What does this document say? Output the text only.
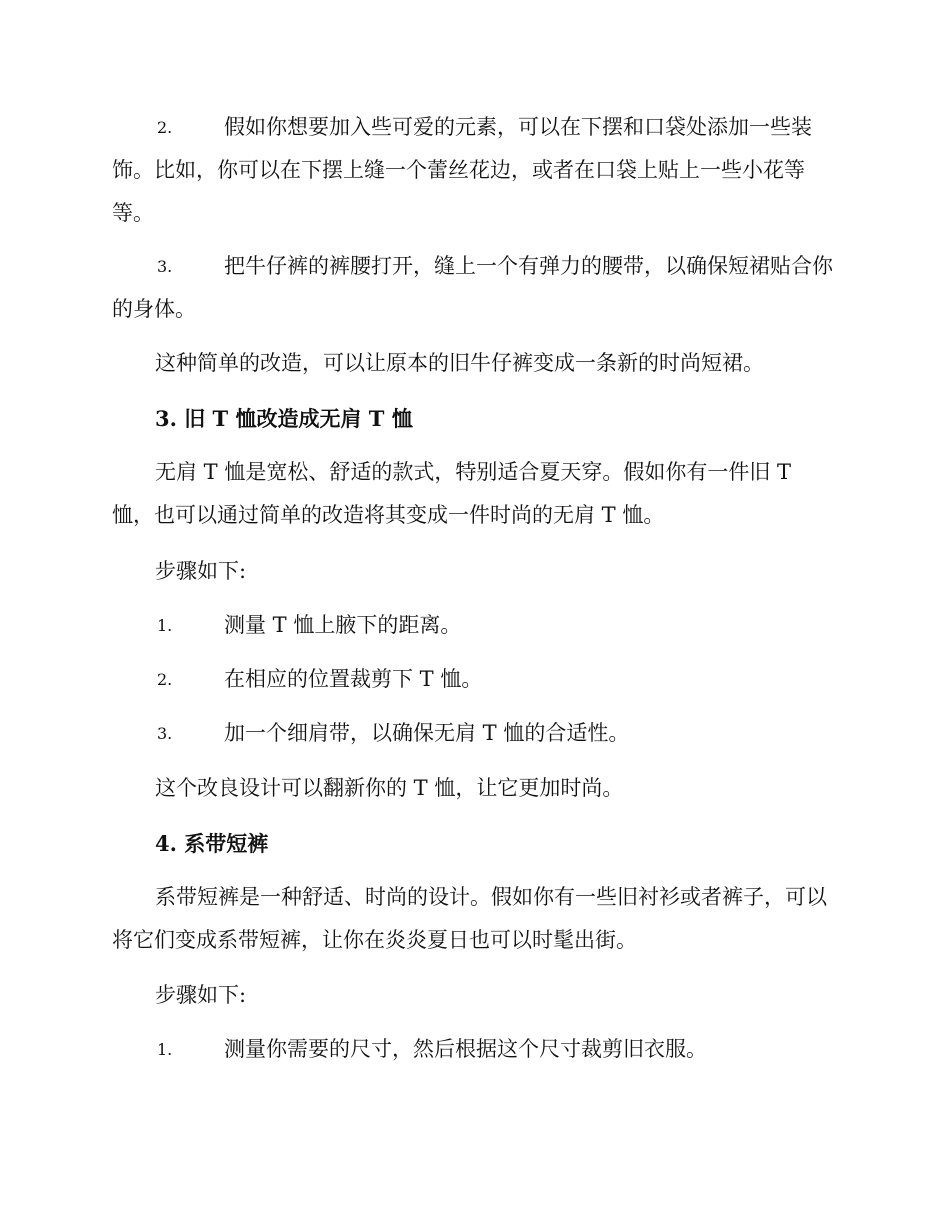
2.	假如你想要加入些可爱的元素，可以在下摆和口袋处添加一些装饰。比如，你可以在下摆上缝一个蕾丝花边，或者在口袋上贴上一些小花等等。
3.	把牛仔裤的裤腰打开，缝上一个有弹力的腰带，以确保短裙贴合你的身体。

这种简单的改造，可以让原本的旧牛仔裤变成一条新的时尚短裙。

3. 旧 T 恤改造成无肩 T 恤

无肩 T 恤是宽松、舒适的款式，特别适合夏天穿。假如你有一件旧 T 恤，也可以通过简单的改造将其变成一件时尚的无肩 T 恤。

步骤如下:

1.	测量 T 恤上腋下的距离。
2.	在相应的位置裁剪下 T 恤。
3.	加一个细肩带，以确保无肩 T 恤的合适性。

这个改良设计可以翻新你的 T 恤，让它更加时尚。

4. 系带短裤

系带短裤是一种舒适、时尚的设计。假如你有一些旧衬衫或者裤子，可以将它们变成系带短裤，让你在炎炎夏日也可以时髦出街。

步骤如下:

1.	测量你需要的尺寸，然后根据这个尺寸裁剪旧衣服。
